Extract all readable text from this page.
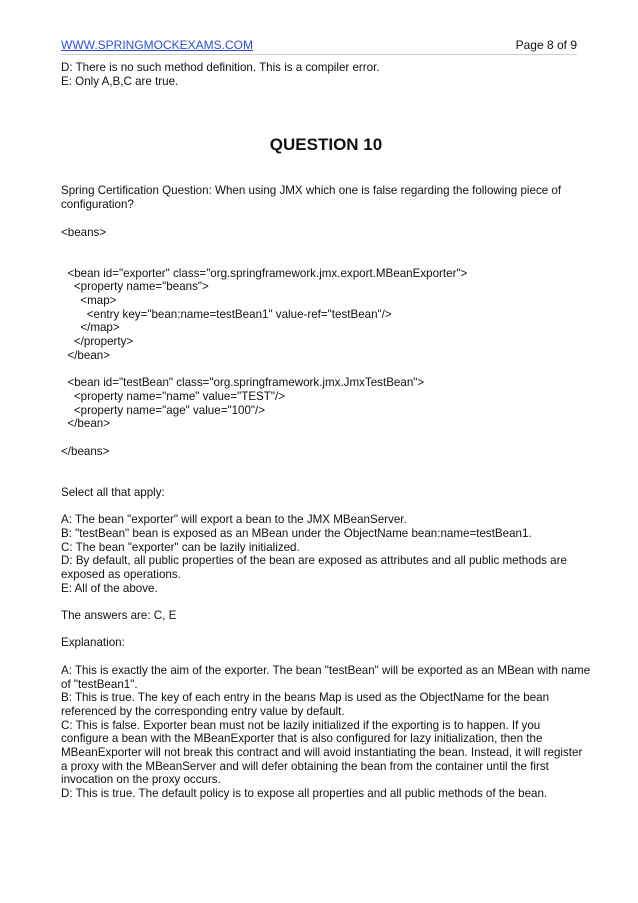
WWW.SPRINGMOCKEXAMS.COM	Page 8 of 9

D: There is no such method definition. This is a compiler error.

E: Only A,B,C are true.

QUESTION 10

Spring Certification Question: When using JMX which one is false regarding the following piece of configuration?

<beans>

<bean id="exporter" class="org.springframework.jmx.export.MBeanExporter">

<property name="beans">

<map>

<entry key="bean:name=testBean1" value-ref="testBean"/>

</map>

</property>

</bean>

<bean id="testBean" class="org.springframework.jmx.JmxTestBean">

<property name="name" value="TEST"/>

<property name="age" value="100"/>

</bean>

</beans>

Select all that apply:

A: The bean "exporter" will export a bean to the JMX MBeanServer.

B: "testBean" bean is exposed as an MBean under the ObjectName bean:name=testBean1.

C: The bean "exporter" can be lazily initialized.

D: By default, all public properties of the bean are exposed as attributes and all public methods are exposed as operations.

E: All of the above.

The answers are: C, E

Explanation:

A: This is exactly the aim of the exporter. The bean "testBean" will be exported as an MBean with name of "testBean1".

B: This is true. The key of each entry in the beans Map is used as the ObjectName for the bean referenced by the corresponding entry value by default.

C: This is false. Exporter bean must not be lazily initialized if the exporting is to happen. If you configure a bean with the MBeanExporter that is also configured for lazy initialization, then the MBeanExporter will not break this contract and will avoid instantiating the bean. Instead, it will register a proxy with the MBeanServer and will defer obtaining the bean from the container until the first invocation on the proxy occurs.

D: This is true. The default policy is to expose all properties and all public methods of the bean.
